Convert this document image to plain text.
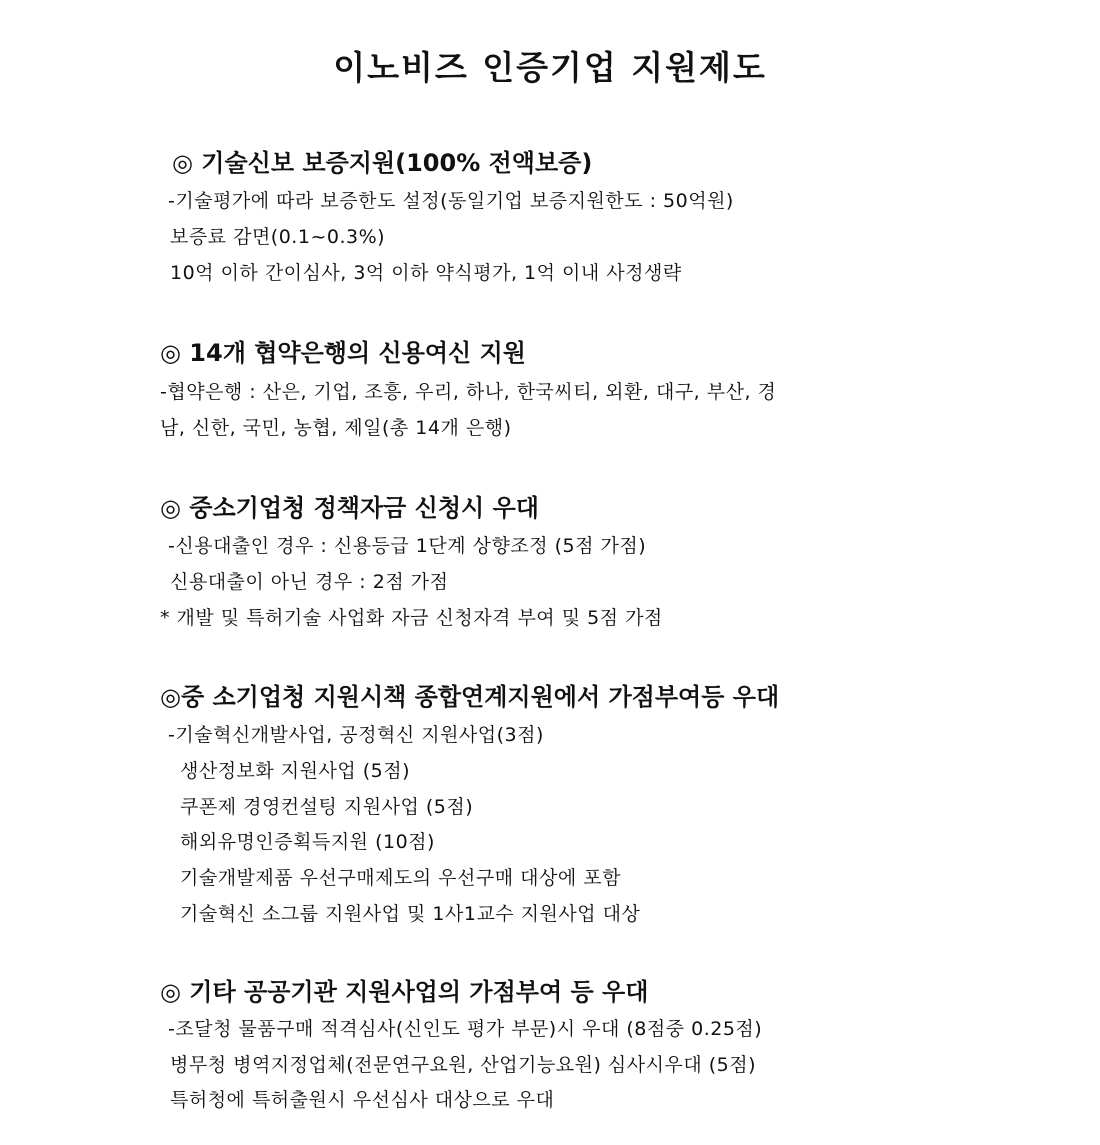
이노비즈 인증기업 지원제도
◎ 기술신보 보증지원(100% 전액보증)
-기술평가에 따라 보증한도 설정(동일기업 보증지원한도 : 50억원)
보증료 감면(0.1~0.3%)
10억 이하 간이심사, 3억 이하 약식평가, 1억 이내 사정생략
◎ 14개 협약은행의 신용여신 지원
-협약은행 : 산은, 기업, 조흥, 우리, 하나, 한국씨티, 외환, 대구, 부산, 경
남, 신한, 국민, 농협, 제일(총 14개 은행)
◎ 중소기업청 정책자금 신청시 우대
-신용대출인 경우 : 신용등급 1단계 상향조정 (5점 가점)
신용대출이 아닌 경우 : 2점 가점
* 개발 및 특허기술 사업화 자금 신청자격 부여 및 5점 가점
◎중 소기업청 지원시책 종합연계지원에서 가점부여등 우대
-기술혁신개발사업, 공정혁신 지원사업(3점)
생산정보화 지원사업 (5점)
쿠폰제 경영컨설팅 지원사업 (5점)
해외유명인증획득지원 (10점)
기술개발제품 우선구매제도의 우선구매 대상에 포함
기술혁신 소그룹 지원사업 및 1사1교수 지원사업 대상
◎ 기타 공공기관 지원사업의 가점부여 등 우대
-조달청 물품구매 적격심사(신인도 평가 부문)시 우대 (8점중 0.25점)
병무청 병역지정업체(전문연구요원, 산업기능요원) 심사시우대 (5점)
특허청에 특허출원시 우선심사 대상으로 우대
